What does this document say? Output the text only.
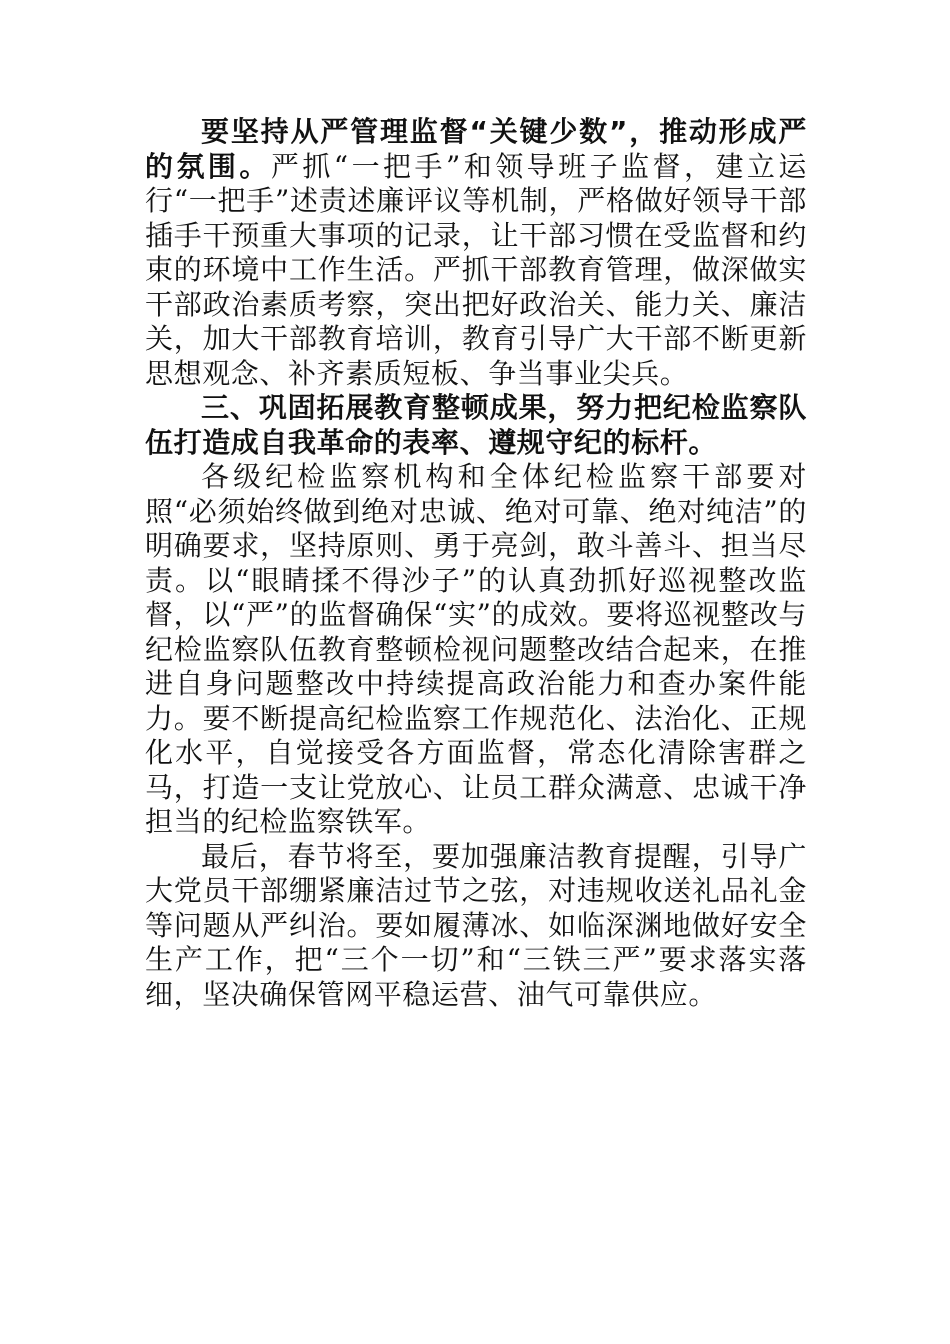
要坚持从严管理监督“关键少数”，推动形成严的氛围。严抓“一把手”和领导班子监督，建立运行“一把手”述责述廉评议等机制，严格做好领导干部插手干预重大事项的记录，让干部习惯在受监督和约束的环境中工作生活。严抓干部教育管理，做深做实干部政治素质考察，突出把好政治关、能力关、廉洁关，加大干部教育培训，教育引导广大干部不断更新思想观念、补齐素质短板、争当事业尖兵。

三、巩固拓展教育整顿成果，努力把纪检监察队伍打造成自我革命的表率、遵规守纪的标杆。

各级纪检监察机构和全体纪检监察干部要对照“必须始终做到绝对忠诚、绝对可靠、绝对纯洁”的明确要求，坚持原则、勇于亮剑，敢斗善斗、担当尽责。以“眼睛揉不得沙子”的认真劲抓好巡视整改监督，以“严”的监督确保“实”的成效。要将巡视整改与纪检监察队伍教育整顿检视问题整改结合起来，在推进自身问题整改中持续提高政治能力和查办案件能力。要不断提高纪检监察工作规范化、法治化、正规化水平，自觉接受各方面监督，常态化清除害群之马，打造一支让党放心、让员工群众满意、忠诚干净担当的纪检监察铁军。

最后，春节将至，要加强廉洁教育提醒，引导广大党员干部绷紧廉洁过节之弦，对违规收送礼品礼金等问题从严纠治。要如履薄冰、如临深渊地做好安全生产工作，把“三个一切”和“三铁三严”要求落实落细，坚决确保管网平稳运营、油气可靠供应。
